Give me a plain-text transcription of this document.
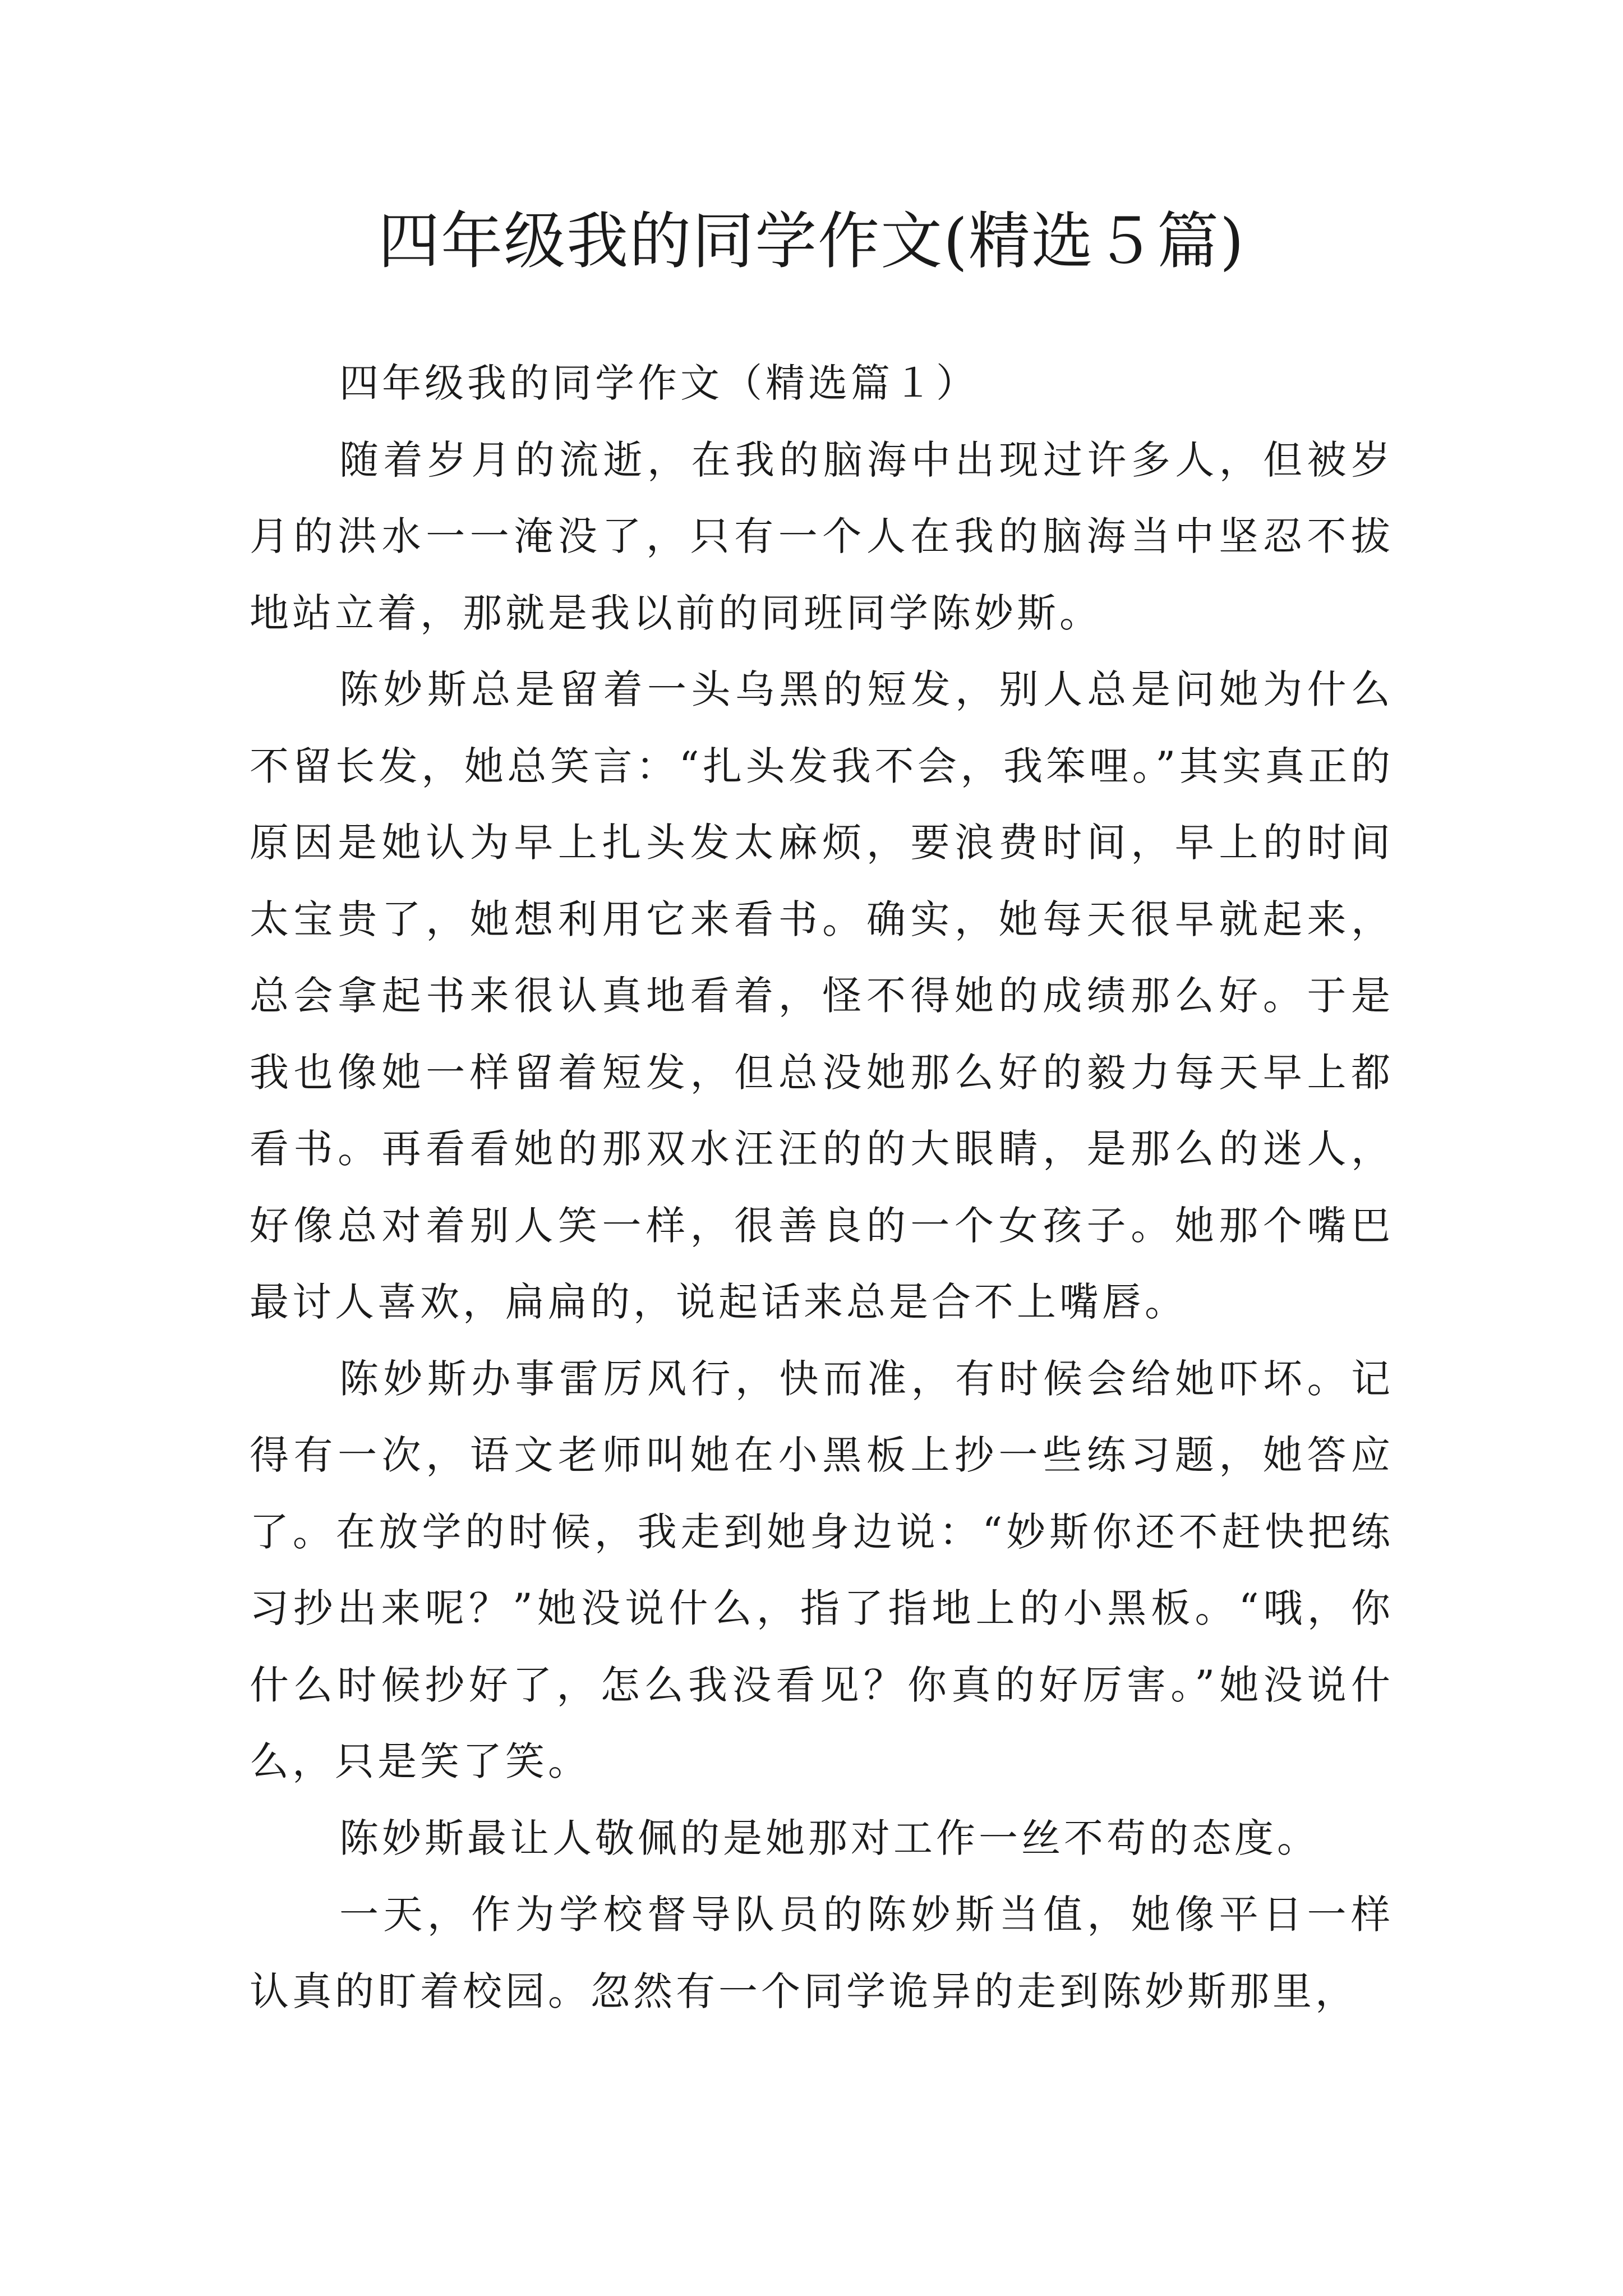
四年级我的同学作文(精选５篇)

四年级我的同学作文（精选篇１）

随着岁月的流逝，在我的脑海中出现过许多人，但被岁月的洪水一一淹没了，只有一个人在我的脑海当中坚忍不拔地站立着，那就是我以前的同班同学陈妙斯。

陈妙斯总是留着一头乌黑的短发，别人总是问她为什么不留长发，她总笑言：“扎头发我不会，我笨哩。”其实真正的原因是她认为早上扎头发太麻烦，要浪费时间，早上的时间太宝贵了，她想利用它来看书。确实，她每天很早就起来，总会拿起书来很认真地看着，怪不得她的成绩那么好。于是我也像她一样留着短发，但总没她那么好的毅力每天早上都看书。再看看她的那双水汪汪的的大眼睛，是那么的迷人，好像总对着别人笑一样，很善良的一个女孩子。她那个嘴巴最讨人喜欢，扁扁的，说起话来总是合不上嘴唇。

陈妙斯办事雷厉风行，快而准，有时候会给她吓坏。记得有一次，语文老师叫她在小黑板上抄一些练习题，她答应了。在放学的时候，我走到她身边说：“妙斯你还不赶快把练习抄出来呢？”她没说什么，指了指地上的小黑板。“哦，你什么时候抄好了，怎么我没看见？你真的好厉害。”她没说什么，只是笑了笑。

陈妙斯最让人敬佩的是她那对工作一丝不苟的态度。

一天，作为学校督导队员的陈妙斯当值，她像平日一样认真的盯着校园。忽然有一个同学诡异的走到陈妙斯那里，
